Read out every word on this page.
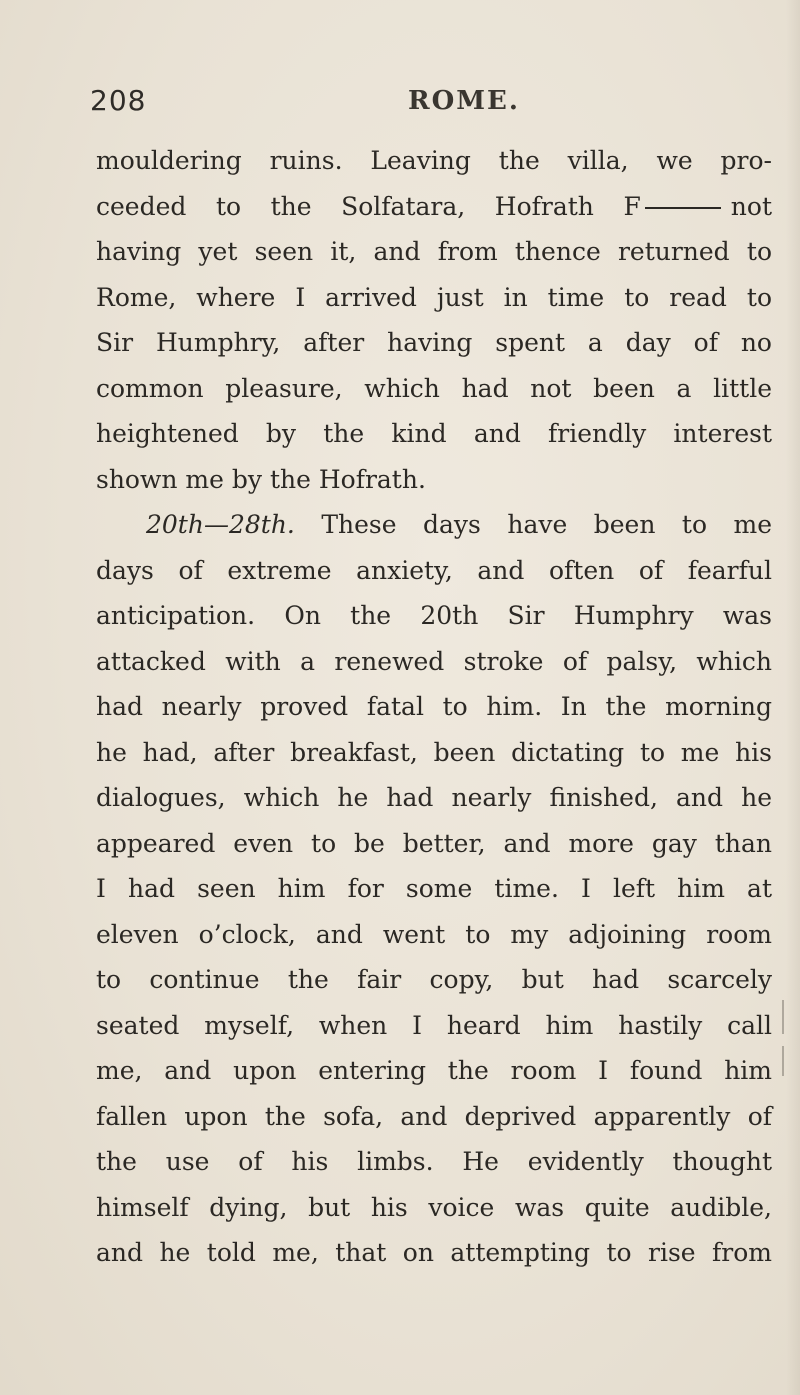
208	ROME.
mouldering ruins. Leaving the villa, we pro-
ceeded to the Solfatara, Hofrath F	not
having yet seen it, and from thence returned to
Rome, where I arrived just in time to read to
Sir Humphry, after having spent a day of no
common pleasure, which had not been a little
heightened by the kind and friendly interest
shown me by the Hofrath.
20th—28th. These days have been to me
days of extreme anxiety, and often of fearful
anticipation. On the 20th Sir Humphry was
attacked with a renewed stroke of palsy, which
had nearly proved fatal to him. In the morning
he had, after breakfast, been dictating to me his
dialogues, which he had nearly finished, and he
appeared even to be better, and more gay than
I had seen him for some time. I left him at
eleven o’clock, and went to my adjoining room
to continue the fair copy, but had scarcely
seated myself, when I heard him hastily call
me, and upon entering the room I found him
fallen upon the sofa, and deprived apparently of
the use of his limbs. He evidently thought
himself dying, but his voice was quite audible,
and he told me, that on attempting to rise from
